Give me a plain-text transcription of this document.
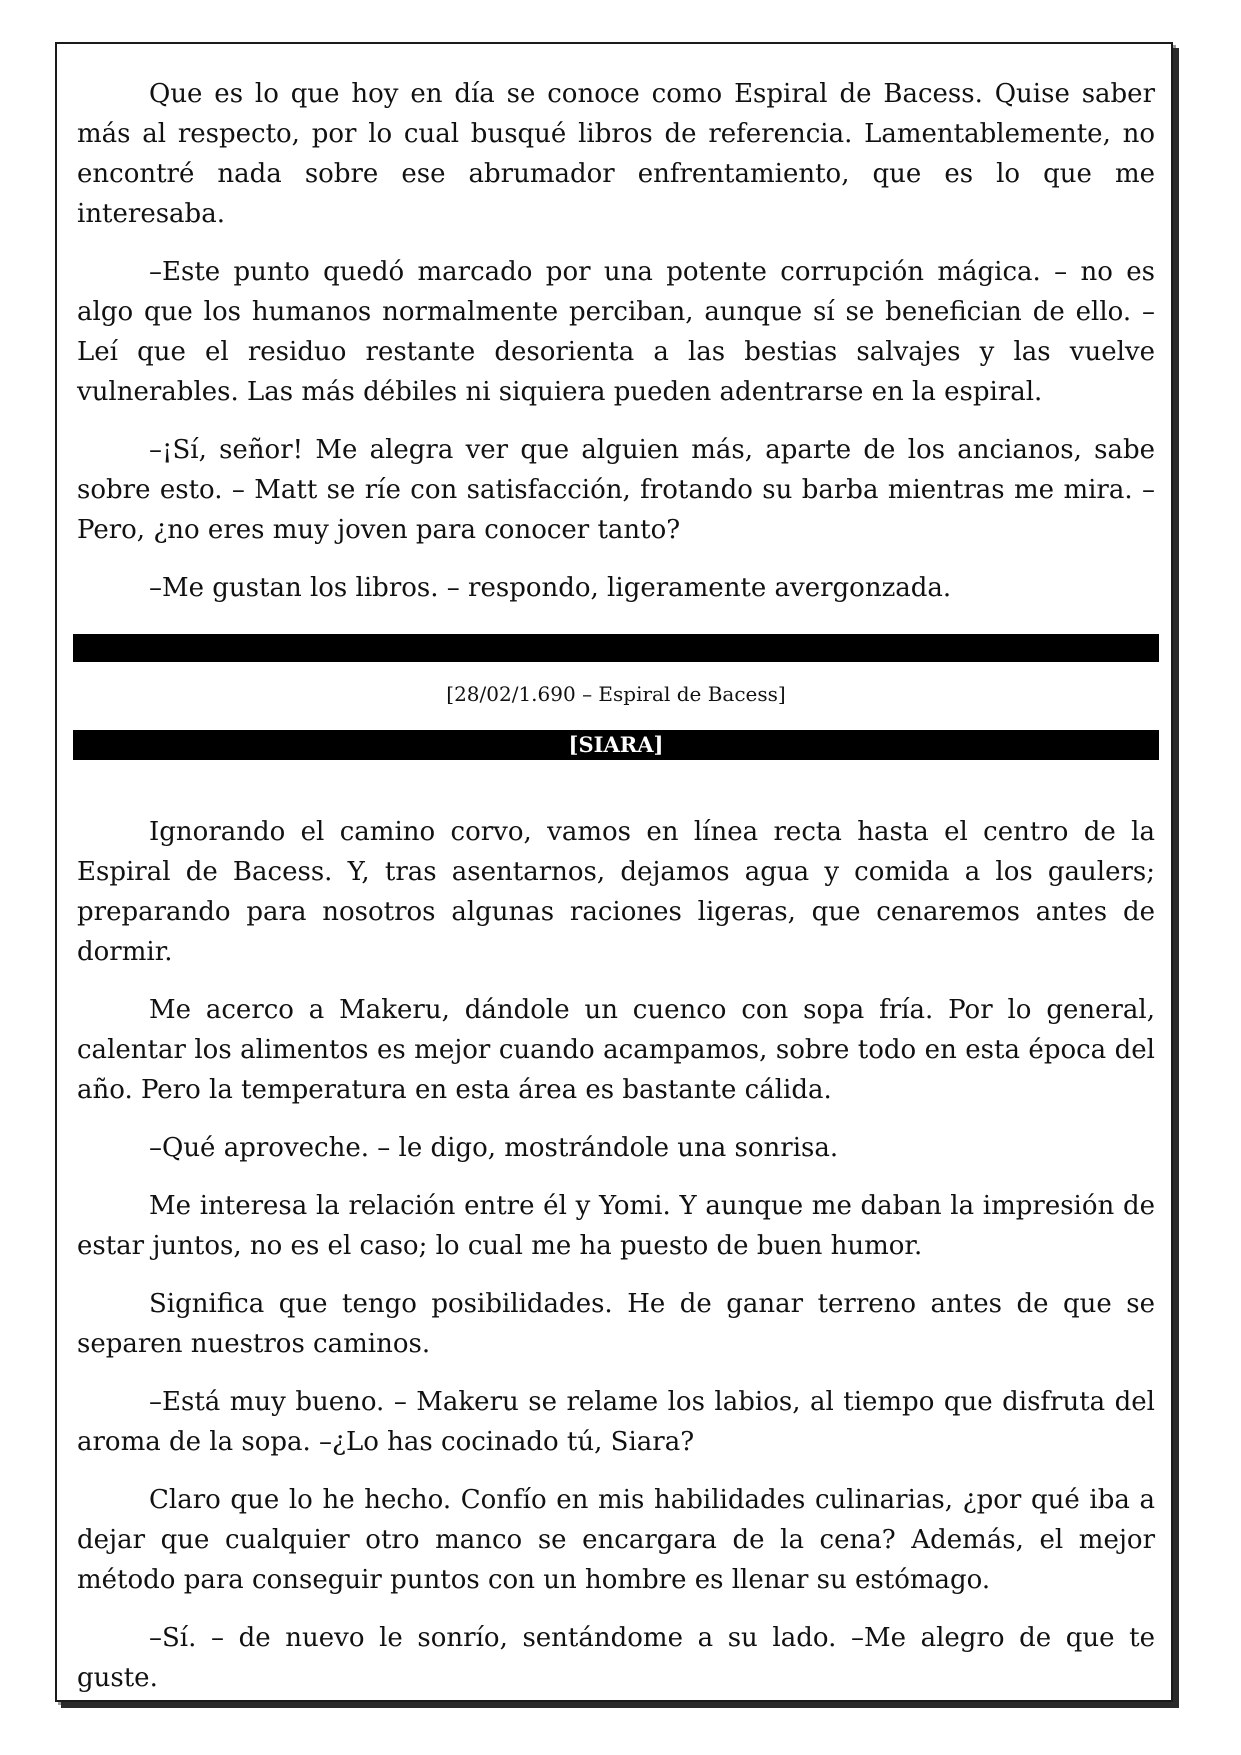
Que es lo que hoy en día se conoce como Espiral de Bacess. Quise saber más al respecto, por lo cual busqué libros de referencia. Lamentablemente, no encontré nada sobre ese abrumador enfrentamiento, que es lo que me interesaba.

–Este punto quedó marcado por una potente corrupción mágica. – no es algo que los humanos normalmente perciban, aunque sí se benefician de ello. –Leí que el residuo restante desorienta a las bestias salvajes y las vuelve vulnerables. Las más débiles ni siquiera pueden adentrarse en la espiral.

–¡Sí, señor! Me alegra ver que alguien más, aparte de los ancianos, sabe sobre esto. – Matt se ríe con satisfacción, frotando su barba mientras me mira. –Pero, ¿no eres muy joven para conocer tanto?

–Me gustan los libros. – respondo, ligeramente avergonzada.

[28/02/1.690 – Espiral de Bacess]
[SIARA]

Ignorando el camino corvo, vamos en línea recta hasta el centro de la Espiral de Bacess. Y, tras asentarnos, dejamos agua y comida a los gaulers; preparando para nosotros algunas raciones ligeras, que cenaremos antes de dormir.

Me acerco a Makeru, dándole un cuenco con sopa fría. Por lo general, calentar los alimentos es mejor cuando acampamos, sobre todo en esta época del año. Pero la temperatura en esta área es bastante cálida.

–Qué aproveche. – le digo, mostrándole una sonrisa.

Me interesa la relación entre él y Yomi. Y aunque me daban la impresión de estar juntos, no es el caso; lo cual me ha puesto de buen humor.

Significa que tengo posibilidades. He de ganar terreno antes de que se separen nuestros caminos.

–Está muy bueno. – Makeru se relame los labios, al tiempo que disfruta del aroma de la sopa. –¿Lo has cocinado tú, Siara?

Claro que lo he hecho. Confío en mis habilidades culinarias, ¿por qué iba a dejar que cualquier otro manco se encargara de la cena? Además, el mejor método para conseguir puntos con un hombre es llenar su estómago.

–Sí. – de nuevo le sonrío, sentándome a su lado. –Me alegro de que te guste.
